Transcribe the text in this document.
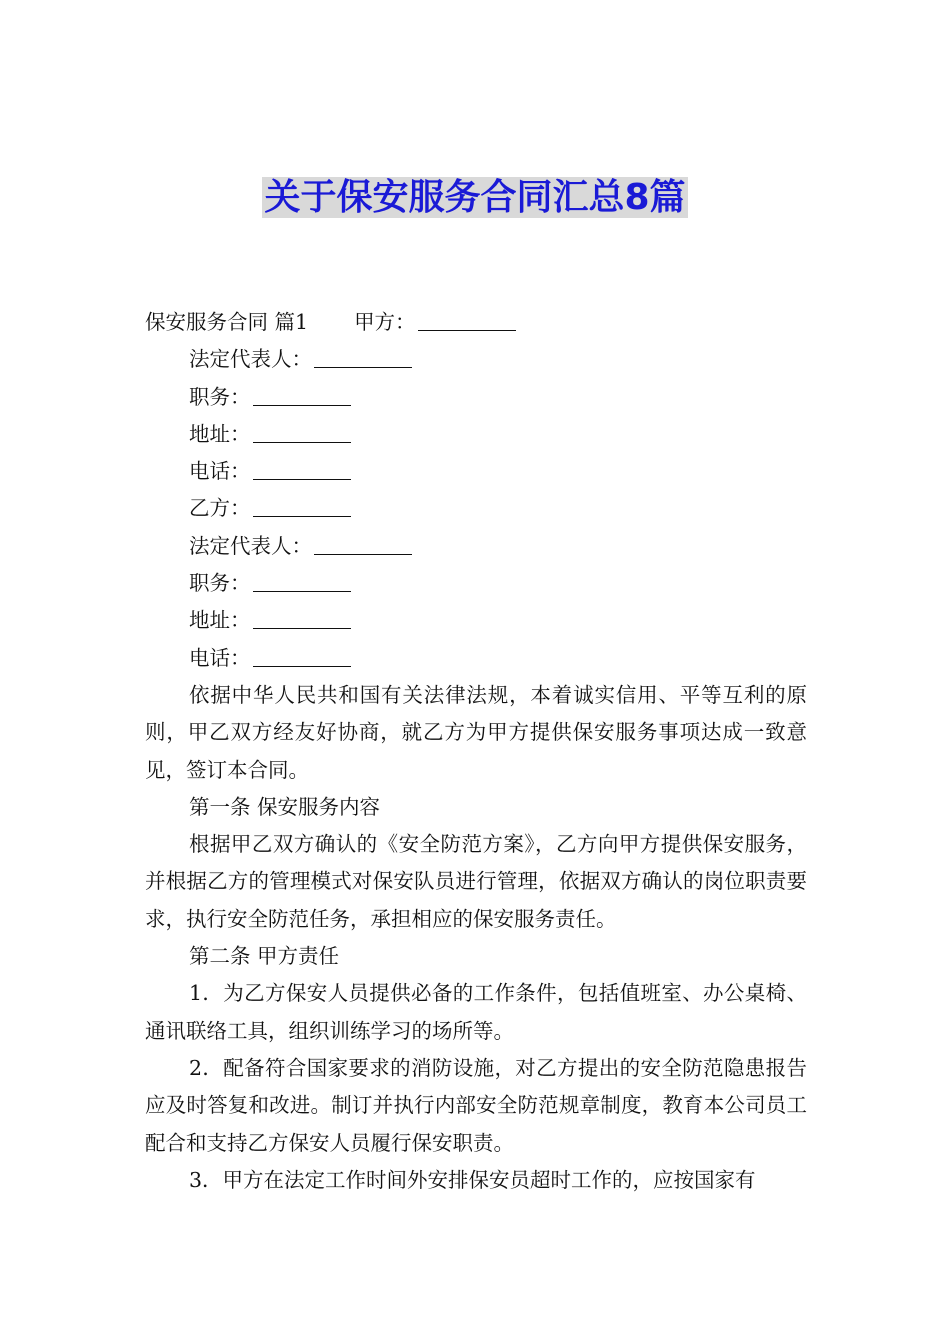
关于保安服务合同汇总8篇
保安服务合同 篇1 甲方：
法定代表人：
职务：
地址：
电话：
乙方：
法定代表人：
职务：
地址：
电话：
依据中华人民共和国有关法律法规，本着诚实信用、平等互利的原则，甲乙双方经友好协商，就乙方为甲方提供保安服务事项达成一致意见，签订本合同。
第一条 保安服务内容
根据甲乙双方确认的《安全防范方案》，乙方向甲方提供保安服务，并根据乙方的管理模式对保安队员进行管理，依据双方确认的岗位职责要求，执行安全防范任务，承担相应的保安服务责任。
第二条 甲方责任
1．为乙方保安人员提供必备的工作条件，包括值班室、办公桌椅、通讯联络工具，组织训练学习的场所等。
2．配备符合国家要求的消防设施，对乙方提出的安全防范隐患报告应及时答复和改进。制订并执行内部安全防范规章制度，教育本公司员工配合和支持乙方保安人员履行保安职责。
3．甲方在法定工作时间外安排保安员超时工作的，应按国家有
